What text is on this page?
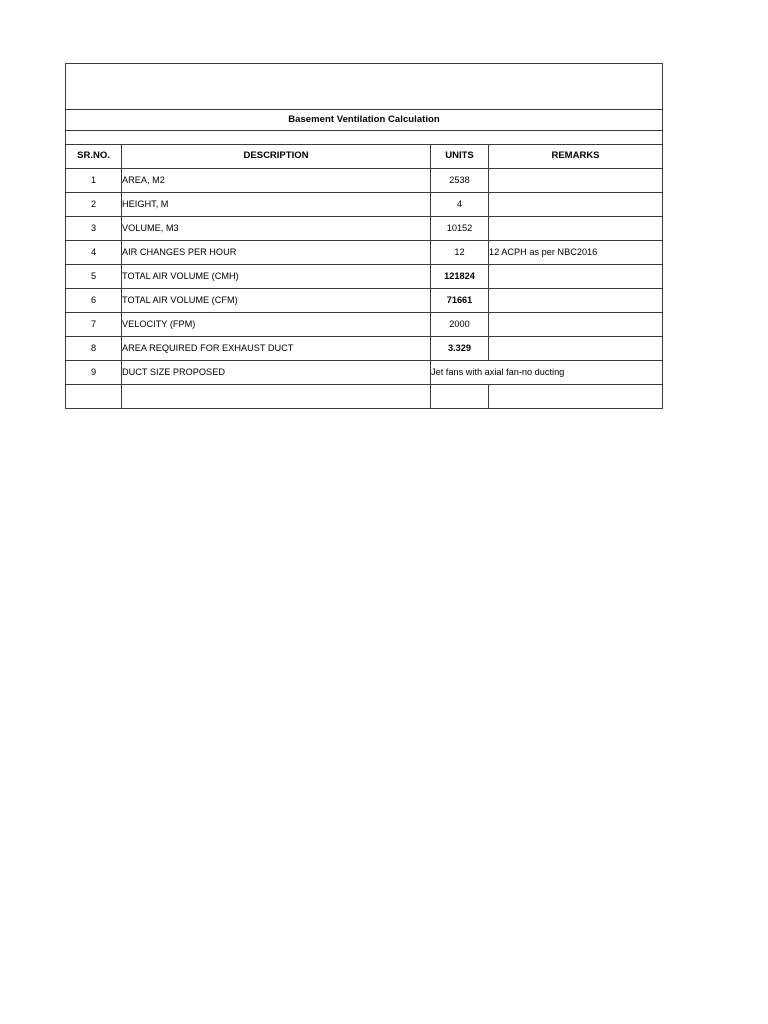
Basement Ventilation Calculation			

SR.NO.	DESCRIPTION	UNITS	REMARKS
1	AREA, M2	2538	
2	HEIGHT, M	4	
3	VOLUME, M3	10152	
4	AIR CHANGES PER HOUR	12	12 ACPH as per NBC2016
5	TOTAL AIR VOLUME (CMH)	121824	
6	TOTAL AIR VOLUME (CFM)	71661	
7	VELOCITY (FPM)	2000	
8	AREA REQUIRED FOR EXHAUST DUCT	3.329	
9	DUCT SIZE PROPOSED	Jet fans with axial fan-no ducting	
